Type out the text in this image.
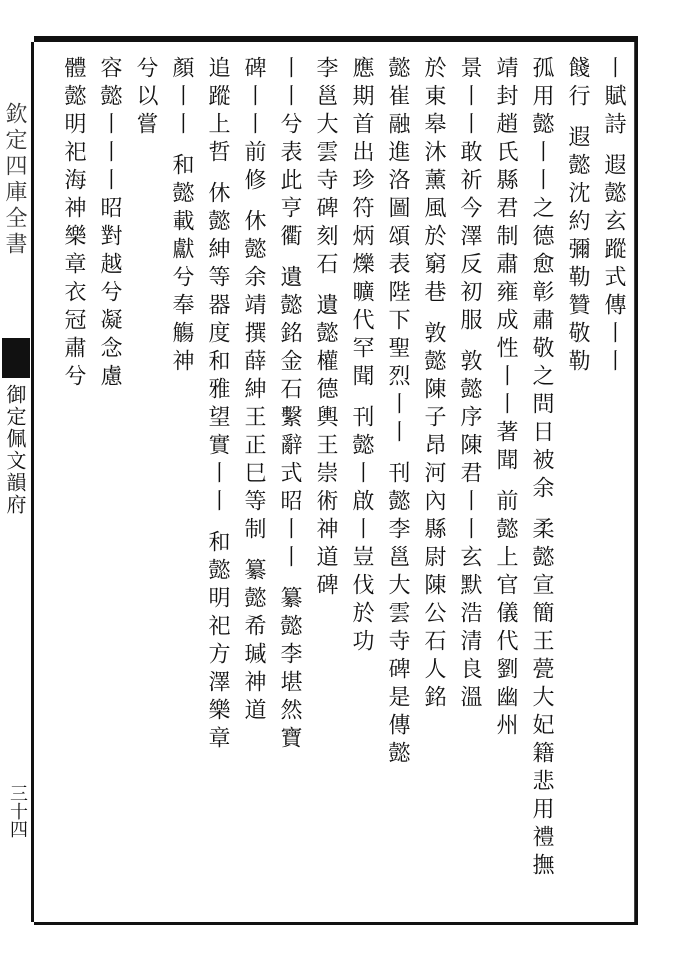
欽定四庫全書
御定佩文韻府
三十四
丨賦詩 遐懿玄蹤式傳丨丨
餞行 遐懿沈約彌勒贊敬勒
孤用懿丨丨之德愈彰肅敬之問日被余 柔懿宣簡王甍大妃籍悲用禮撫
靖封趙氏縣君制肅雍成性丨丨著聞 前懿上官儀代劉幽州
景丨丨敢祈今澤反初服 敦懿序陳君丨丨玄默浩清良溫
於東皋沐薰風於窮巷 敦懿陳子昂河內縣尉陳公石人銘
懿崔融進洛圖頌表陛下聖烈丨丨 刊懿李邕大雲寺碑是傳懿
應期首出珍符炳爍曠代罕聞 刊懿丨啟丨豈伐於功
李邕大雲寺碑刻石 遺懿權德輿王崇術神道碑
丨丨兮表此亨衢 遺懿銘金石繫辭式昭丨丨 纂懿李堪然寶
碑丨丨前修 休懿余靖撰薛紳王正巳等制 纂懿希瑊神道
追蹤上哲 休懿紳等器度和雅望實丨丨 和懿明祀方澤樂章
顏丨丨 和懿載獻兮奉觴神
兮以嘗
容懿丨丨丨昭對越兮凝念慮
體懿明祀海神樂章衣冠肅兮
